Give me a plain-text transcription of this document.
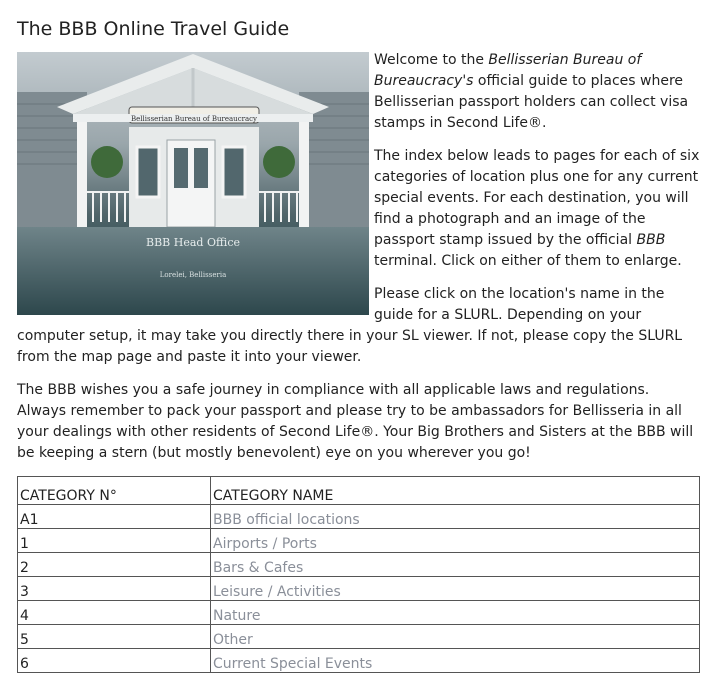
The BBB Online Travel Guide
Bellisserian Bureau of Bureaucracy
BBB Head Office
Lorelei, Bellisseria

Welcome to the Bellisserian Bureau of Bureaucracy's official guide to places where Bellisserian passport holders can collect visa stamps in Second Life®.

The index below leads to pages for each of six categories of location plus one for any current special events. For each destination, you will find a photograph and an image of the passport stamp issued by the official BBB terminal. Click on either of them to enlarge.

Please click on the location's name in the guide for a SLURL. Depending on your computer setup, it may take you directly there in your SL viewer. If not, please copy the SLURL from the map page and paste it into your viewer.

The BBB wishes you a safe journey in compliance with all applicable laws and regulations. Always remember to pack your passport and please try to be ambassadors for Bellisseria in all your dealings with other residents of Second Life®. Your Big Brothers and Sisters at the BBB will be keeping a stern (but mostly benevolent) eye on you wherever you go!

CATEGORY N°	CATEGORY NAME
A1	BBB official locations
1	Airports / Ports
2	Bars & Cafes
3	Leisure / Activities
4	Nature
5	Other
6	Current Special Events
